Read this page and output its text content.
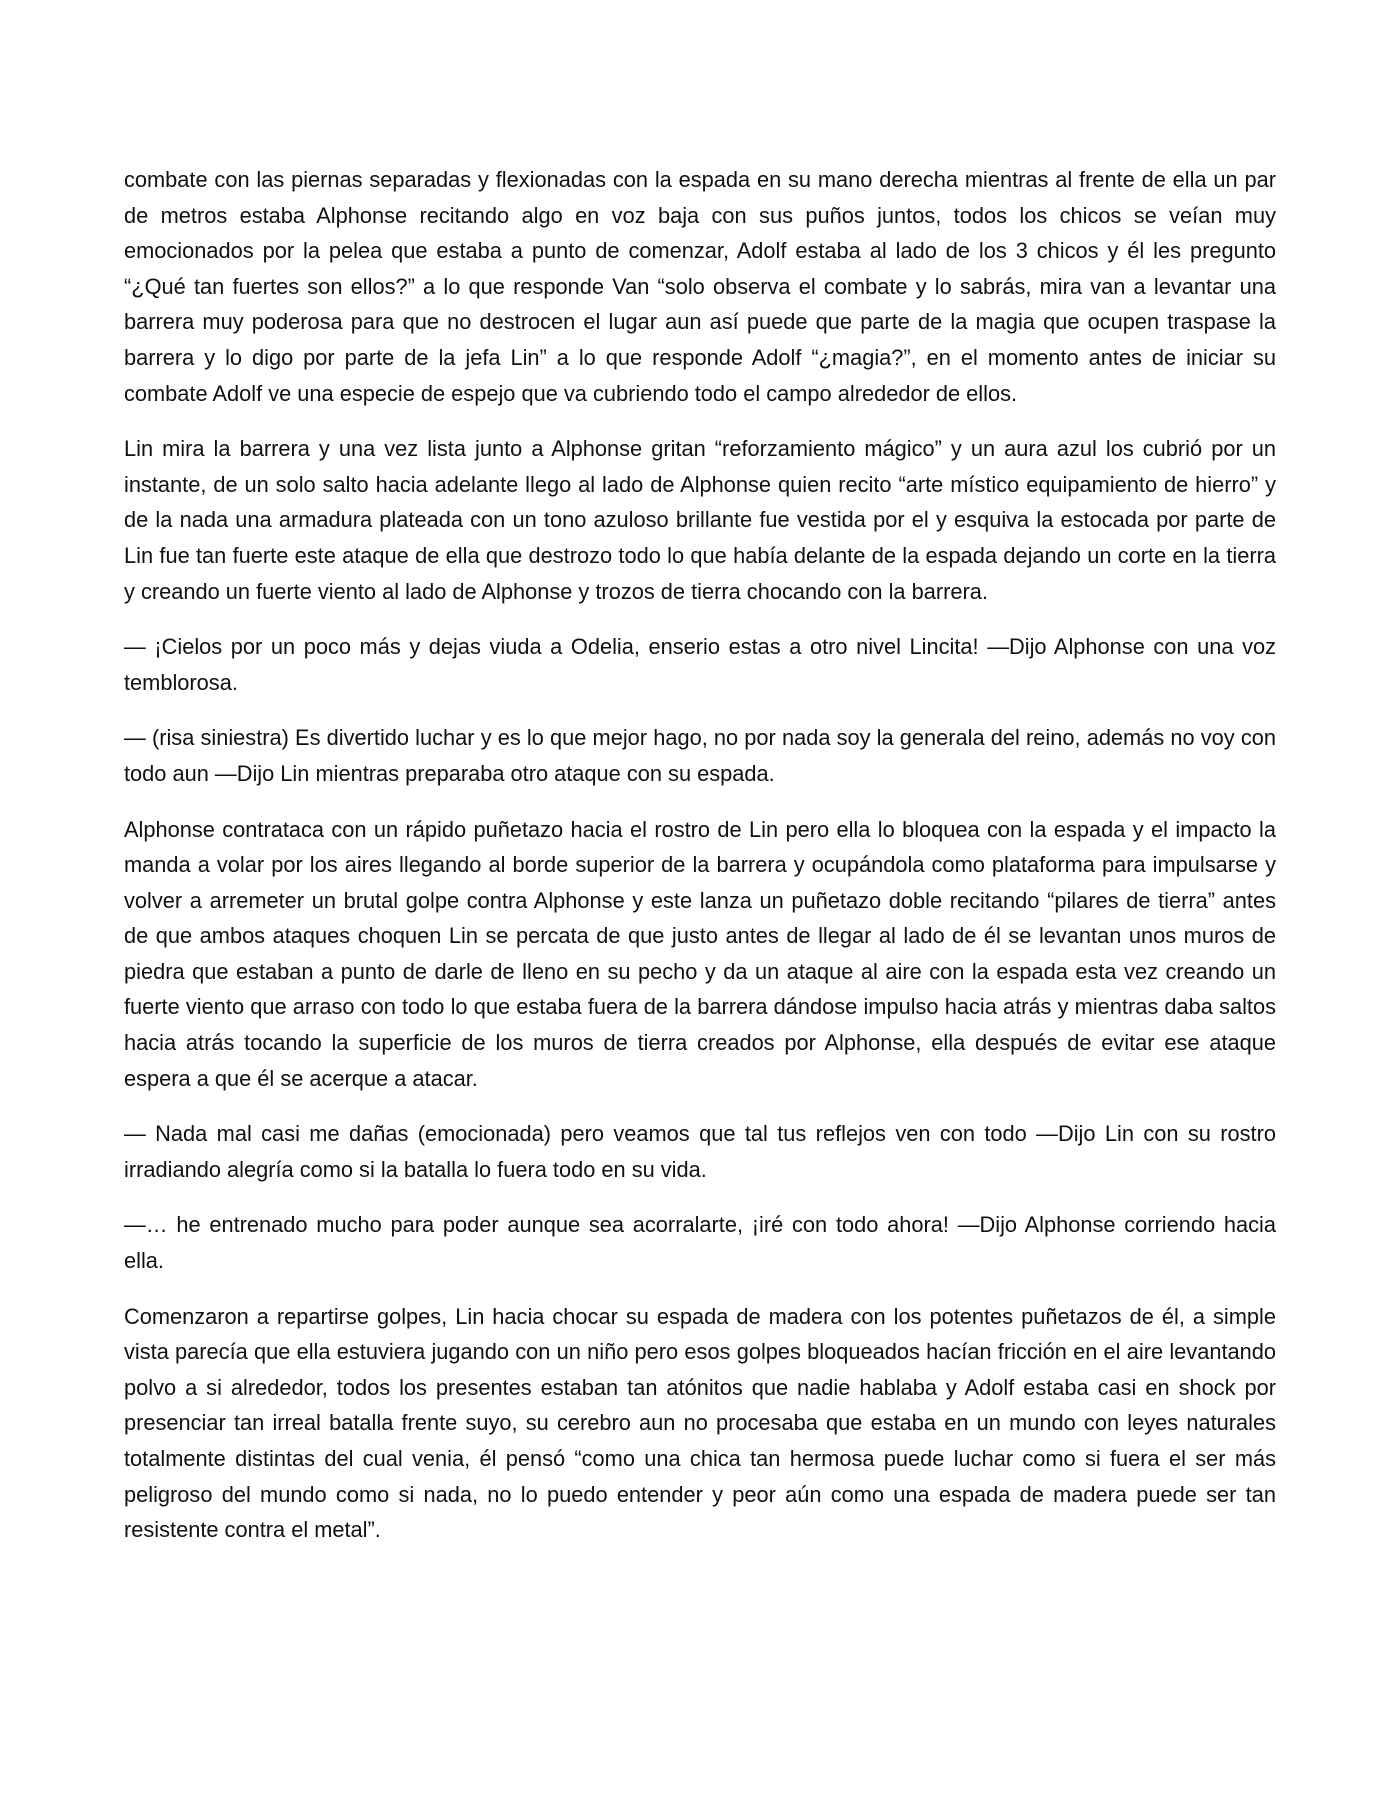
combate con las piernas separadas y flexionadas con la espada en su mano derecha mientras al frente de ella un par de metros estaba Alphonse recitando algo en voz baja con sus puños juntos, todos los chicos se veían muy emocionados por la pelea que estaba a punto de comenzar, Adolf estaba al lado de los 3 chicos y él les pregunto “¿Qué tan fuertes son ellos?” a lo que responde Van “solo observa el combate y lo sabrás, mira van a levantar una barrera muy poderosa para que no destrocen el lugar aun así puede que parte de la magia que ocupen traspase la barrera y lo digo por parte de la jefa Lin” a lo que responde Adolf “¿magia?”, en el momento antes de iniciar su combate Adolf ve una especie de espejo que va cubriendo todo el campo alrededor de ellos.

Lin mira la barrera y una vez lista junto a Alphonse gritan “reforzamiento mágico” y un aura azul los cubrió por un instante, de un solo salto hacia adelante llego al lado de Alphonse quien recito “arte místico equipamiento de hierro” y de la nada una armadura plateada con un tono azuloso brillante fue vestida por el y esquiva la estocada por parte de Lin fue tan fuerte este ataque de ella que destrozo todo lo que había delante de la espada dejando un corte en la tierra y creando un fuerte viento al lado de Alphonse y trozos de tierra chocando con la barrera.

— ¡Cielos por un poco más y dejas viuda a Odelia, enserio estas a otro nivel Lincita! —Dijo Alphonse con una voz temblorosa.

— (risa siniestra) Es divertido luchar y es lo que mejor hago, no por nada soy la generala del reino, además no voy con todo aun —Dijo Lin mientras preparaba otro ataque con su espada.

Alphonse contrataca con un rápido puñetazo hacia el rostro de Lin pero ella lo bloquea con la espada y el impacto la manda a volar por los aires llegando al borde superior de la barrera y ocupándola como plataforma para impulsarse y volver a arremeter un brutal golpe contra Alphonse y este lanza un puñetazo doble recitando “pilares de tierra” antes de que ambos ataques choquen Lin se percata de que justo antes de llegar al lado de él se levantan unos muros de piedra que estaban a punto de darle de lleno en su pecho y da un ataque al aire con la espada esta vez creando un fuerte viento que arraso con todo lo que estaba fuera de la barrera dándose impulso hacia atrás y mientras daba saltos hacia atrás tocando la superficie de los muros de tierra creados por Alphonse, ella después de evitar ese ataque espera a que él se acerque a atacar.

— Nada mal casi me dañas (emocionada) pero veamos que tal tus reflejos ven con todo —Dijo Lin con su rostro irradiando alegría como si la batalla lo fuera todo en su vida.

—… he entrenado mucho para poder aunque sea acorralarte, ¡iré con todo ahora! —Dijo Alphonse corriendo hacia ella.

Comenzaron a repartirse golpes, Lin hacia chocar su espada de madera con los potentes puñetazos de él, a simple vista parecía que ella estuviera jugando con un niño pero esos golpes bloqueados hacían fricción en el aire levantando polvo a si alrededor, todos los presentes estaban tan atónitos que nadie hablaba y Adolf estaba casi en shock por presenciar tan irreal batalla frente suyo, su cerebro aun no procesaba que estaba en un mundo con leyes naturales totalmente distintas del cual venia, él pensó “como una chica tan hermosa puede luchar como si fuera el ser más peligroso del mundo como si nada, no lo puedo entender y peor aún como una espada de madera puede ser tan resistente contra el metal”.
